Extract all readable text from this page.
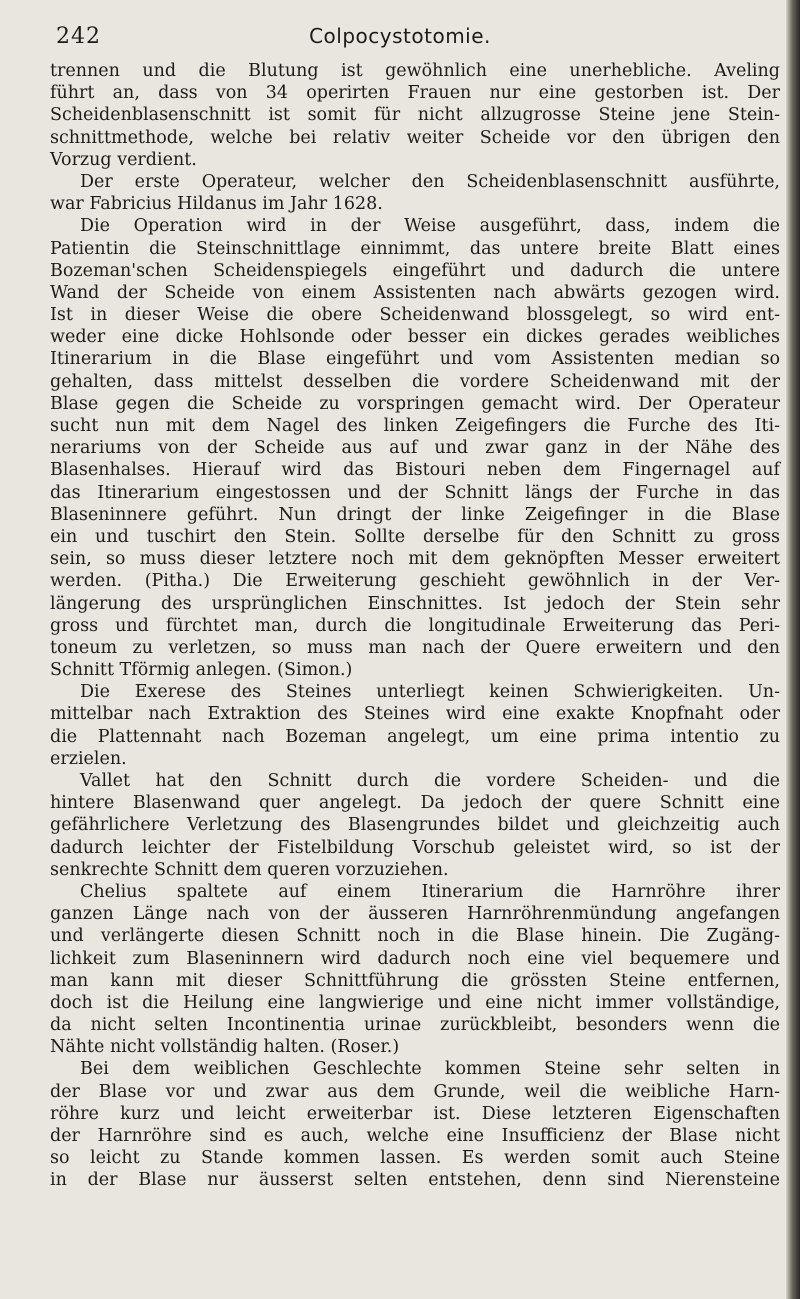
242	Colpocystotomie.
trennen und die Blutung ist gewöhnlich eine unerhebliche. Aveling
führt an, dass von 34 operirten Frauen nur eine gestorben ist. Der
Scheidenblasenschnitt ist somit für nicht allzugrosse Steine jene Stein-
schnittmethode, welche bei relativ weiter Scheide vor den übrigen den
Vorzug verdient.
Der erste Operateur, welcher den Scheidenblasenschnitt ausführte,
war Fabricius Hildanus im Jahr 1628.
Die Operation wird in der Weise ausgeführt, dass, indem die
Patientin die Steinschnittlage einnimmt, das untere breite Blatt eines
Bozeman'schen Scheidenspiegels eingeführt und dadurch die untere
Wand der Scheide von einem Assistenten nach abwärts gezogen wird.
Ist in dieser Weise die obere Scheidenwand blossgelegt, so wird ent-
weder eine dicke Hohlsonde oder besser ein dickes gerades weibliches
Itinerarium in die Blase eingeführt und vom Assistenten median so
gehalten, dass mittelst desselben die vordere Scheidenwand mit der
Blase gegen die Scheide zu vorspringen gemacht wird. Der Operateur
sucht nun mit dem Nagel des linken Zeigefingers die Furche des Iti-
nerariums von der Scheide aus auf und zwar ganz in der Nähe des
Blasenhalses. Hierauf wird das Bistouri neben dem Fingernagel auf
das Itinerarium eingestossen und der Schnitt längs der Furche in das
Blaseninnere geführt. Nun dringt der linke Zeigefinger in die Blase
ein und tuschirt den Stein. Sollte derselbe für den Schnitt zu gross
sein, so muss dieser letztere noch mit dem geknöpften Messer erweitert
werden. (Pitha.) Die Erweiterung geschieht gewöhnlich in der Ver-
längerung des ursprünglichen Einschnittes. Ist jedoch der Stein sehr
gross und fürchtet man, durch die longitudinale Erweiterung das Peri-
toneum zu verletzen, so muss man nach der Quere erweitern und den
Schnitt Tförmig anlegen. (Simon.)
Die Exerese des Steines unterliegt keinen Schwierigkeiten. Un-
mittelbar nach Extraktion des Steines wird eine exakte Knopfnaht oder
die Plattennaht nach Bozeman angelegt, um eine prima intentio zu
erzielen.
Vallet hat den Schnitt durch die vordere Scheiden- und die
hintere Blasenwand quer angelegt. Da jedoch der quere Schnitt eine
gefährlichere Verletzung des Blasengrundes bildet und gleichzeitig auch
dadurch leichter der Fistelbildung Vorschub geleistet wird, so ist der
senkrechte Schnitt dem queren vorzuziehen.
Chelius spaltete auf einem Itinerarium die Harnröhre ihrer
ganzen Länge nach von der äusseren Harnröhrenmündung angefangen
und verlängerte diesen Schnitt noch in die Blase hinein. Die Zugäng-
lichkeit zum Blaseninnern wird dadurch noch eine viel bequemere und
man kann mit dieser Schnittführung die grössten Steine entfernen,
doch ist die Heilung eine langwierige und eine nicht immer vollständige,
da nicht selten Incontinentia urinae zurückbleibt, besonders wenn die
Nähte nicht vollständig halten. (Roser.)
Bei dem weiblichen Geschlechte kommen Steine sehr selten in
der Blase vor und zwar aus dem Grunde, weil die weibliche Harn-
röhre kurz und leicht erweiterbar ist. Diese letzteren Eigenschaften
der Harnröhre sind es auch, welche eine Insufficienz der Blase nicht
so leicht zu Stande kommen lassen. Es werden somit auch Steine
in der Blase nur äusserst selten entstehen, denn sind Nierensteine
